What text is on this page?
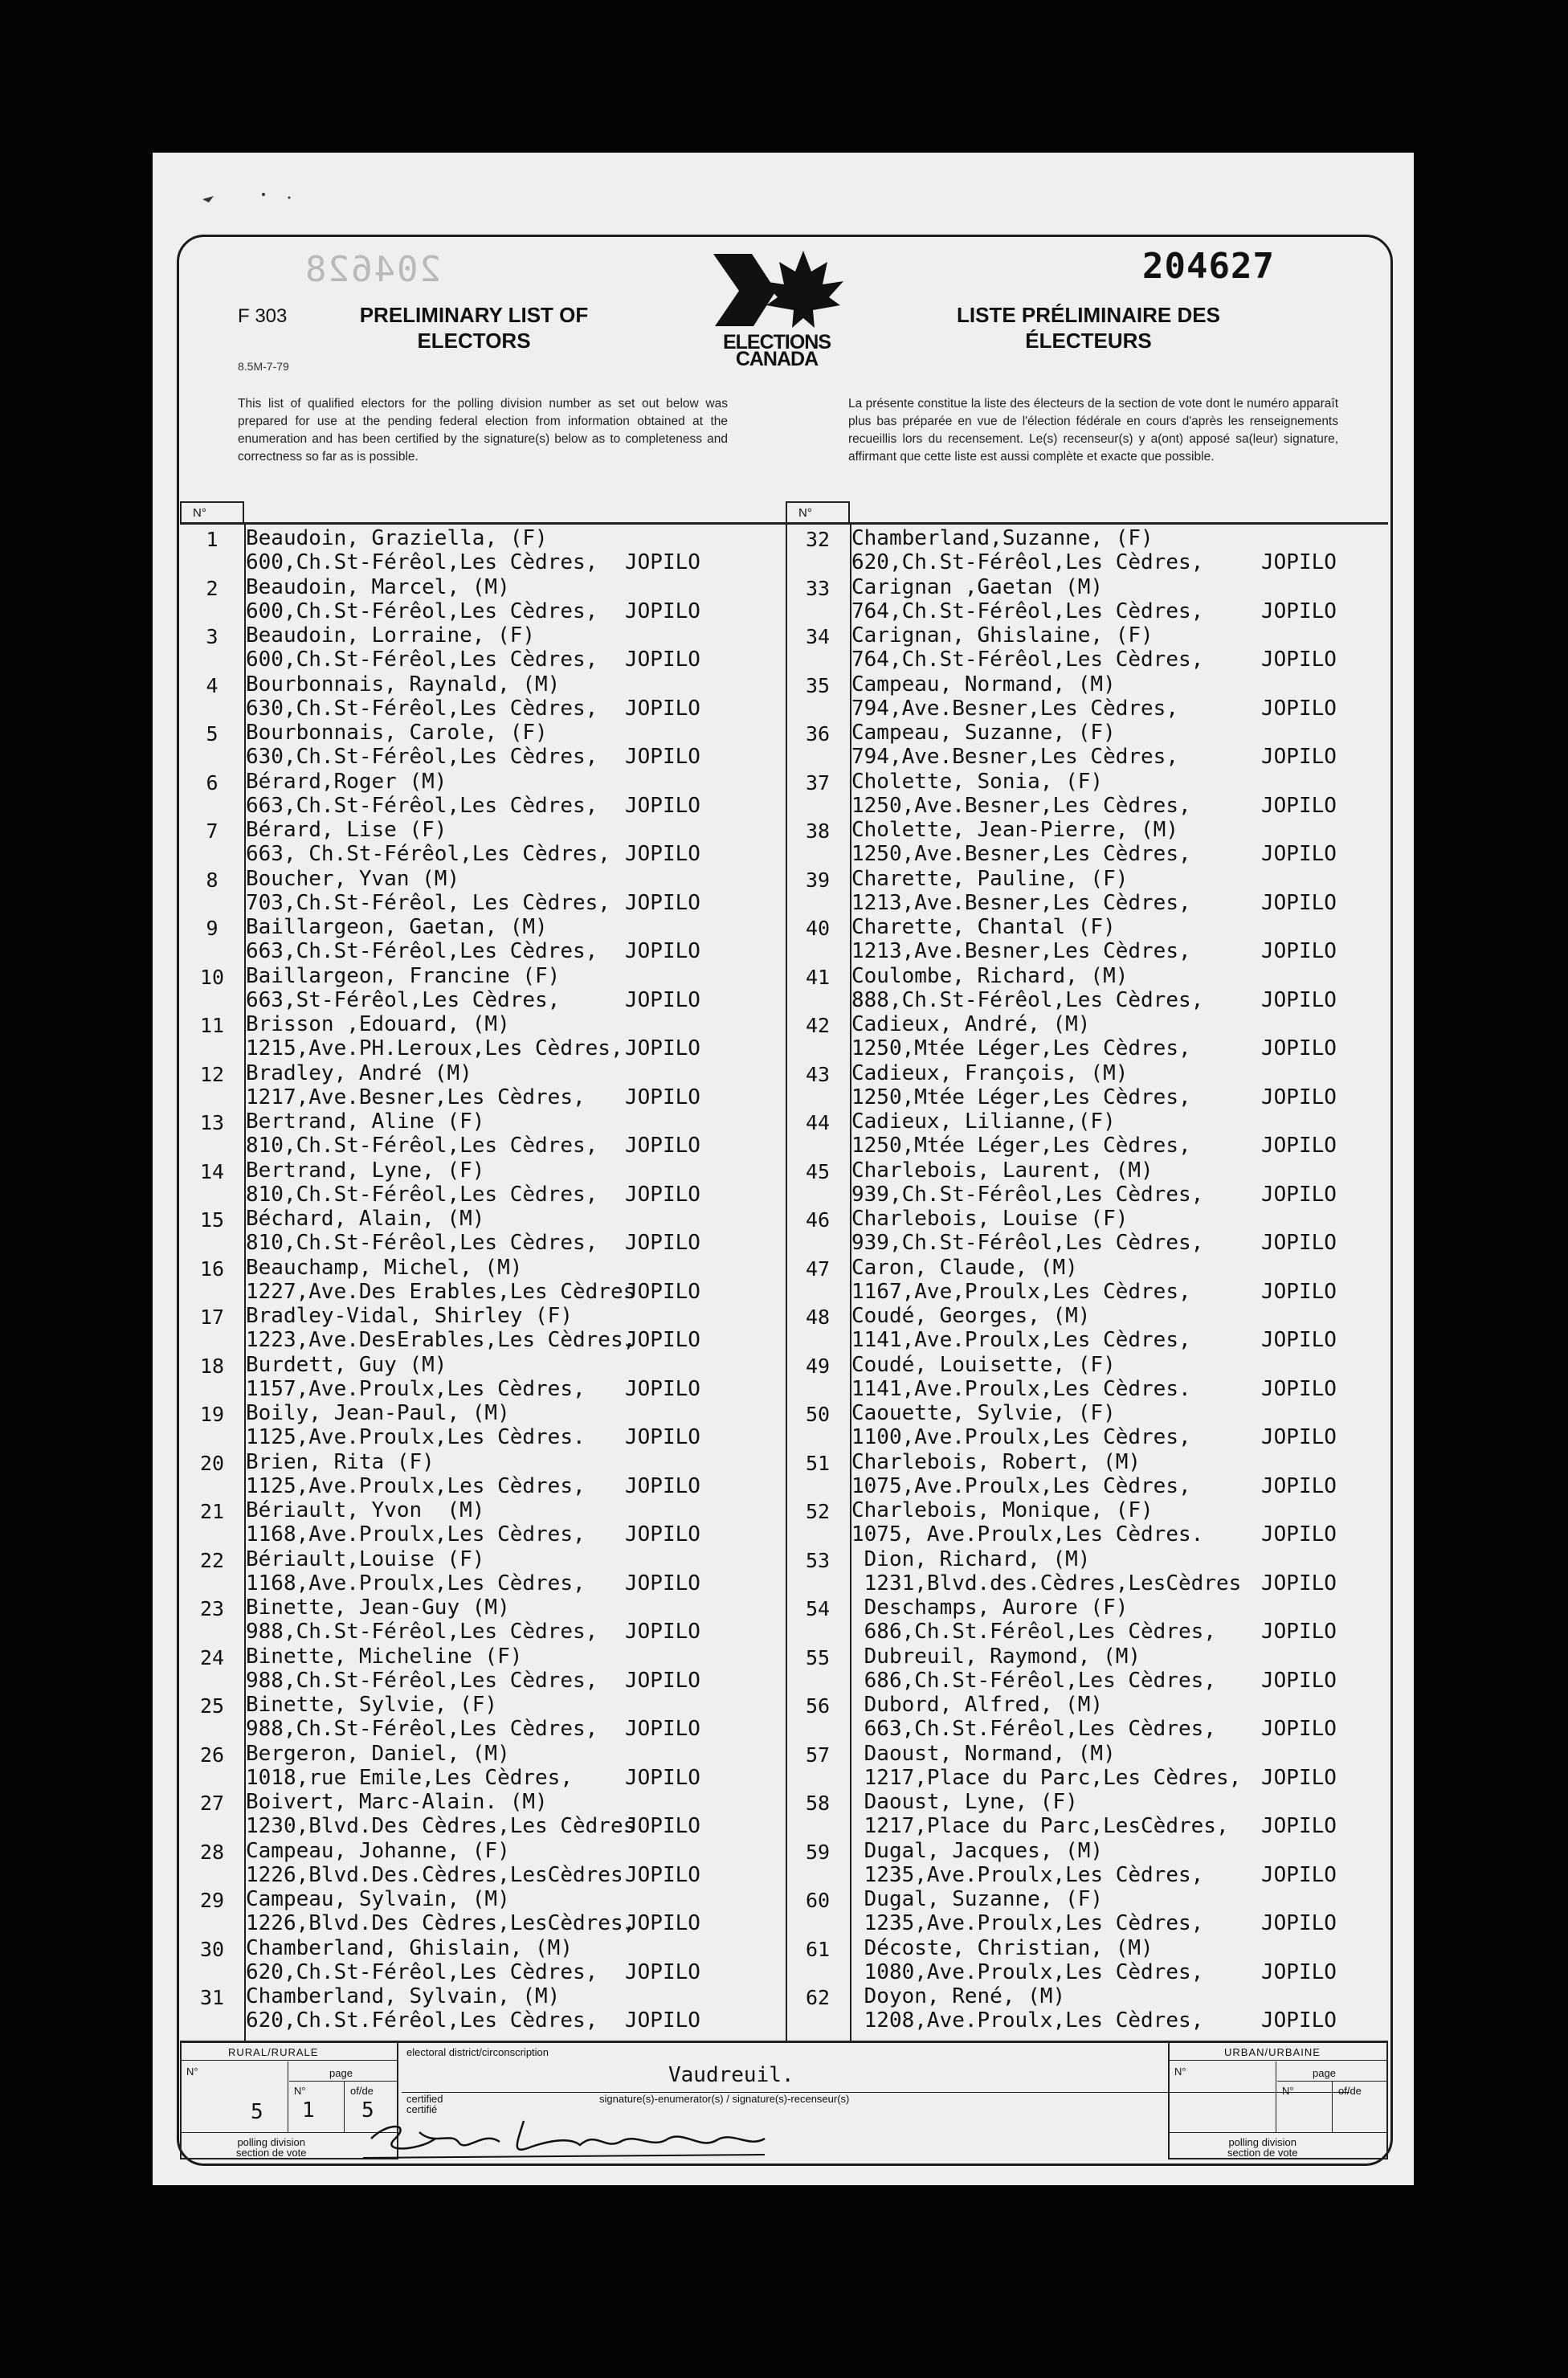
204628	204627
F 303
8.5M-7-79
PRELIMINARY LIST OF ELECTORS
LISTE PRÉLIMINAIRE DES ÉLECTEURS
ELECTIONS
CANADA
This list of qualified electors for the polling division number as set out below was prepared for use at the pending federal election from information obtained at the enumeration and has been certified by the signature(s) below as to completeness and correctness so far as is possible.
La présente constitue la liste des électeurs de la section de vote dont le numéro apparaît plus bas préparée en vue de l'élection fédérale en cours d'après les renseignements recueillis lors du recensement. Le(s) recenseur(s) y a(ont) apposé sa(leur) signature, affirmant que cette liste est aussi complète et exacte que possible.
N°	N°
1	Beaudoin, Graziella, (F)
600,Ch.St-Férêol,Les Cèdres, JOPILO
2	Beaudoin, Marcel, (M)
600,Ch.St-Férêol,Les Cèdres, JOPILO
3	Beaudoin, Lorraine, (F)
600,Ch.St-Férêol,Les Cèdres, JOPILO
4	Bourbonnais, Raynald, (M)
630,Ch.St-Férêol,Les Cèdres, JOPILO
5	Bourbonnais, Carole, (F)
630,Ch.St-Férêol,Les Cèdres, JOPILO
6	Bérard,Roger (M)
663,Ch.St-Férêol,Les Cèdres, JOPILO
7	Bérard, Lise (F)
663, Ch.St-Férêol,Les Cèdres, JOPILO
8	Boucher, Yvan (M)
703,Ch.St-Férêol, Les Cèdres, JOPILO
9	Baillargeon, Gaetan, (M)
663,Ch.St-Férêol,Les Cèdres, JOPILO
10	Baillargeon, Francine (F)
663,St-Férêol,Les Cèdres,	JOPILO
11	Brisson ,Edouard, (M)
1215,Ave.PH.Leroux,Les Cèdres, JOPILO
12	Bradley, André (M)
1217,Ave.Besner,Les Cèdres, JOPILO
13	Bertrand, Aline (F)
810,Ch.St-Férêol,Les Cèdres, JOPILO
14	Bertrand, Lyne, (F)
810,Ch.St-Férêol,Les Cèdres, JOPILO
15	Béchard, Alain, (M)
810,Ch.St-Férêol,Les Cèdres, JOPILO
16	Beauchamp, Michel, (M)
1227,Ave.Des Erables,Les Cèdres
JOPILO
17	Bradley-Vidal, Shirley (F)
1223,Ave.DesErables,Les Cèdres,
JOPILO
18	Burdett, Guy (M)
1157,Ave.Proulx,Les Cèdres, JOPILO
19	Boily, Jean-Paul, (M)
1125,Ave.Proulx,Les Cèdres. JOPILO
20	Brien, Rita (F)
1125,Ave.Proulx,Les Cèdres, JOPILO
21	Bériault, Yvon  (M)
1168,Ave.Proulx,Les Cèdres, JOPILO
22	Bériault,Louise (F)
1168,Ave.Proulx,Les Cèdres, JOPILO
23	Binette, Jean-Guy (M)
988,Ch.St-Férêol,Les Cèdres, JOPILO
24	Binette, Micheline (F)
988,Ch.St-Férêol,Les Cèdres, JOPILO
25	Binette, Sylvie, (F)
988,Ch.St-Férêol,Les Cèdres, JOPILO
26	Bergeron, Daniel, (M)
1018,rue Emile,Les Cèdres,	JOPILO
27	Boivert, Marc-Alain. (M)
1230,Blvd.Des Cèdres,Les Cèdres
JOPILO
28	Campeau, Johanne, (F)
1226,Blvd.Des.Cèdres,LesCèdres JOPILO
29	Campeau, Sylvain, (M)
1226,Blvd.Des Cèdres,LesCèdres,
JOPILO
30	Chamberland, Ghislain, (M)
620,Ch.St-Férêol,Les Cèdres, JOPILO
31	Chamberland, Sylvain, (M)
620,Ch.St.Férêol,Les Cèdres, JOPILO
32	Chamberland,Suzanne, (F)
620,Ch.St-Férêol,Les Cèdres,	JOPILO
33	Carignan ,Gaetan (M)
764,Ch.St-Férêol,Les Cèdres,	JOPILO
34	Carignan, Ghislaine, (F)
764,Ch.St-Férêol,Les Cèdres,	JOPILO
35	Campeau, Normand, (M)
794,Ave.Besner,Les Cèdres,	JOPILO
36	Campeau, Suzanne, (F)
794,Ave.Besner,Les Cèdres,	JOPILO
37	Cholette, Sonia, (F)
1250,Ave.Besner,Les Cèdres,	JOPILO
38	Cholette, Jean-Pierre, (M)
1250,Ave.Besner,Les Cèdres,	JOPILO
39	Charette, Pauline, (F)
1213,Ave.Besner,Les Cèdres,	JOPILO
40	Charette, Chantal (F)
1213,Ave.Besner,Les Cèdres,	JOPILO
41	Coulombe, Richard, (M)
888,Ch.St-Férêol,Les Cèdres,	JOPILO
42	Cadieux, André, (M)
1250,Mtée Léger,Les Cèdres,	JOPILO
43	Cadieux, François, (M)
1250,Mtée Léger,Les Cèdres,	JOPILO
44	Cadieux, Lilianne,(F)
1250,Mtée Léger,Les Cèdres,	JOPILO
45	Charlebois, Laurent, (M)
939,Ch.St-Férêol,Les Cèdres,	JOPILO
46	Charlebois, Louise (F)
939,Ch.St-Férêol,Les Cèdres,	JOPILO
47	Caron, Claude, (M)
1167,Ave,Proulx,Les Cèdres,	JOPILO
48	Coudé, Georges, (M)
1141,Ave.Proulx,Les Cèdres,	JOPILO
49	Coudé, Louisette, (F)
1141,Ave.Proulx,Les Cèdres.	JOPILO
50	Caouette, Sylvie, (F)
1100,Ave.Proulx,Les Cèdres,	JOPILO
51	Charlebois, Robert, (M)
1075,Ave.Proulx,Les Cèdres,	JOPILO
52	Charlebois, Monique, (F)
1075, Ave.Proulx,Les Cèdres.	JOPILO
53	Dion, Richard, (M)
1231,Blvd.des.Cèdres,LesCèdres JOPILO
54	Deschamps, Aurore (F)
686,Ch.St.Férêol,Les Cèdres, JOPILO
55	Dubreuil, Raymond, (M)
686,Ch.St-Férêol,Les Cèdres, JOPILO
56	Dubord, Alfred, (M)
663,Ch.St.Férêol,Les Cèdres, JOPILO
57	Daoust, Normand, (M)
1217,Place du Parc,Les Cèdres, JOPILO
58	Daoust, Lyne, (F)
1217,Place du Parc,LesCèdres, JOPILO
59	Dugal, Jacques, (M)
1235,Ave.Proulx,Les Cèdres,	JOPILO
60	Dugal, Suzanne, (F)
1235,Ave.Proulx,Les Cèdres,	JOPILO
61	Décoste, Christian, (M)
1080,Ave.Proulx,Les Cèdres,	JOPILO
62	Doyon, René, (M)
1208,Ave.Proulx,Les Cèdres,	JOPILO
RURAL/RURALE
N°	page
N°	of/de
5 1 5
polling division
section de vote
electoral district/circonscription
Vaudreuil.
certified
certifié
signature(s)-enumerator(s) / signature(s)-recenseur(s)
URBAN/URBAINE
N°	page
N°	of/de
polling division
section de vote
